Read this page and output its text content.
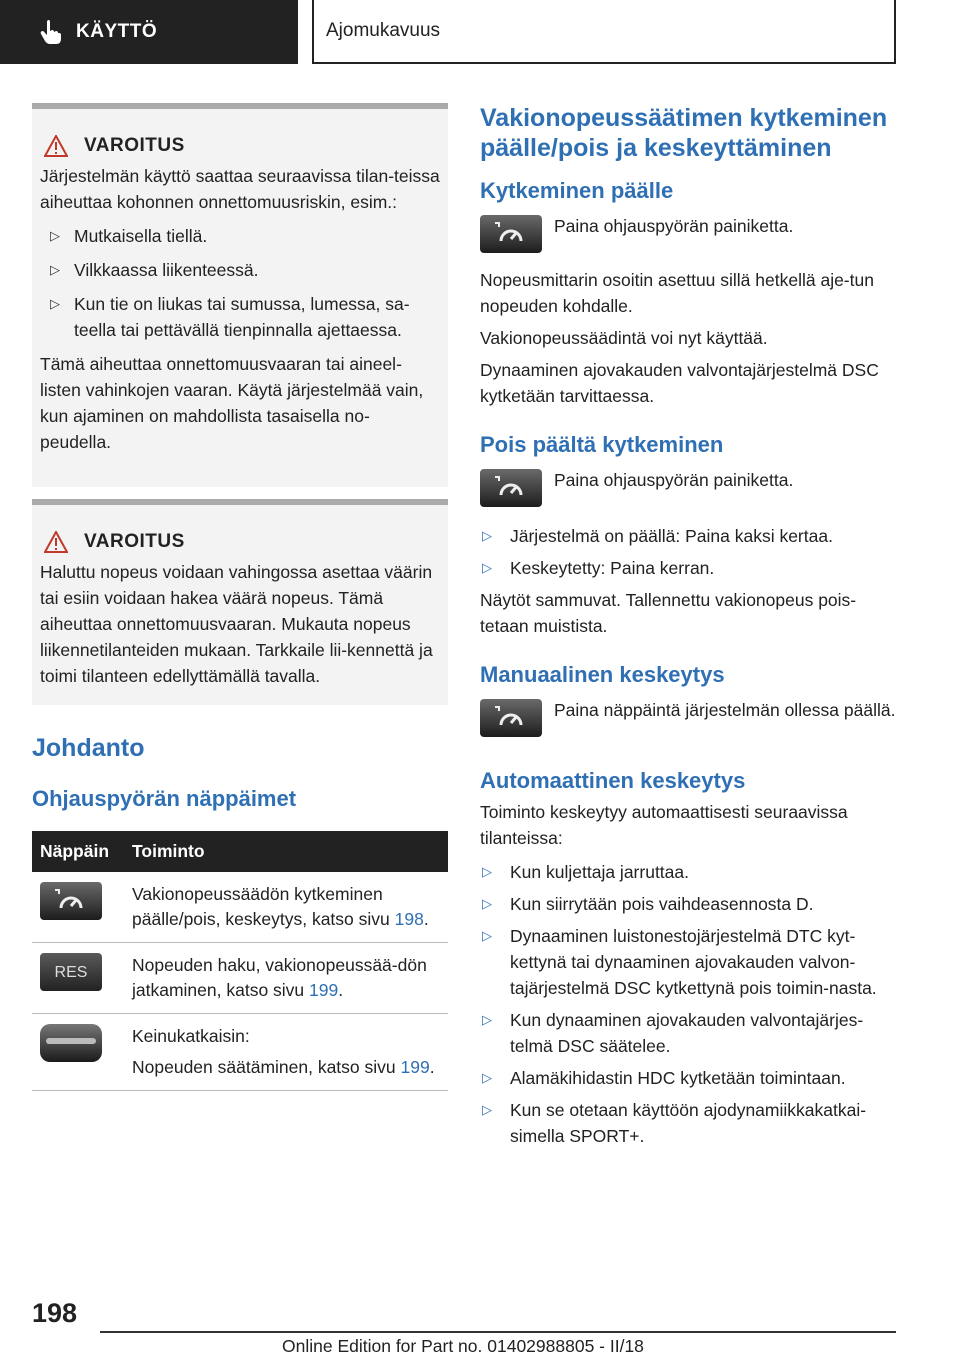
KÄYTTÖ	Ajomukavuus
VAROITUS

Järjestelmän käyttö saattaa seuraavissa tilan-teissa aiheuttaa kohonnen onnettomuusriskin, esim.:

▷ Mutkaisella tiellä.
▷ Vilkkaassa liikenteessä.
▷ Kun tie on liukas tai sumussa, lumessa, sa-teella tai pettävällä tienpinnalla ajettaessa.

Tämä aiheuttaa onnettomuusvaaran tai aineel-listen vahinkojen vaaran. Käytä järjestelmää vain, kun ajaminen on mahdollista tasaisella no-peudella.

VAROITUS

Haluttu nopeus voidaan vahingossa asettaa väärin tai esiin voidaan hakea väärä nopeus. Tämä aiheuttaa onnettomuusvaaran. Mukauta nopeus liikennetilanteiden mukaan. Tarkkaile lii-kennettä ja toimi tilanteen edellyttämällä tavalla.

Johdanto
Ohjauspyörän näppäimet
Näppäin	Toiminto

	Vakionopeussäädön kytkeminen päälle/pois, keskeytys, katso sivu 198.

RES	Nopeuden haku, vakionopeussää-dön jatkaminen, katso sivu 199.

	Keinukatkaisin:
Nopeuden säätäminen, katso sivu 199.
Vakionopeussäätimen kytkeminen päälle/pois ja keskeyttäminen
Kytkeminen päälle
Paina ohjauspyörän painiketta.

Nopeusmittarin osoitin asettuu sillä hetkellä aje-tun nopeuden kohdalle.

Vakionopeussäädintä voi nyt käyttää.

Dynaaminen ajovakauden valvontajärjestelmä DSC kytketään tarvittaessa.

Pois päältä kytkeminen
Paina ohjauspyörän painiketta.
▷ Järjestelmä on päällä: Paina kaksi kertaa.
▷ Keskeytetty: Paina kerran.

Näytöt sammuvat. Tallennettu vakionopeus pois-tetaan muistista.

Manuaalinen keskeytys
Paina näppäintä järjestelmän ollessa päällä.
Automaattinen keskeytys

Toiminto keskeytyy automaattisesti seuraavissa tilanteissa:

▷ Kun kuljettaja jarruttaa.
▷ Kun siirrytään pois vaihdeasennosta D.
▷ Dynaaminen luistonestojärjestelmä DTC kyt-kettynä tai dynaaminen ajovakauden valvon-tajärjestelmä DSC kytkettynä pois toimin-nasta.
▷ Kun dynaaminen ajovakauden valvontajärjes-telmä DSC säätelee.
▷ Alamäkihidastin HDC kytketään toimintaan.
▷ Kun se otetaan käyttöön ajodynamiikkakatkai-simella SPORT+.
198
Online Edition for Part no. 01402988805 - II/18
